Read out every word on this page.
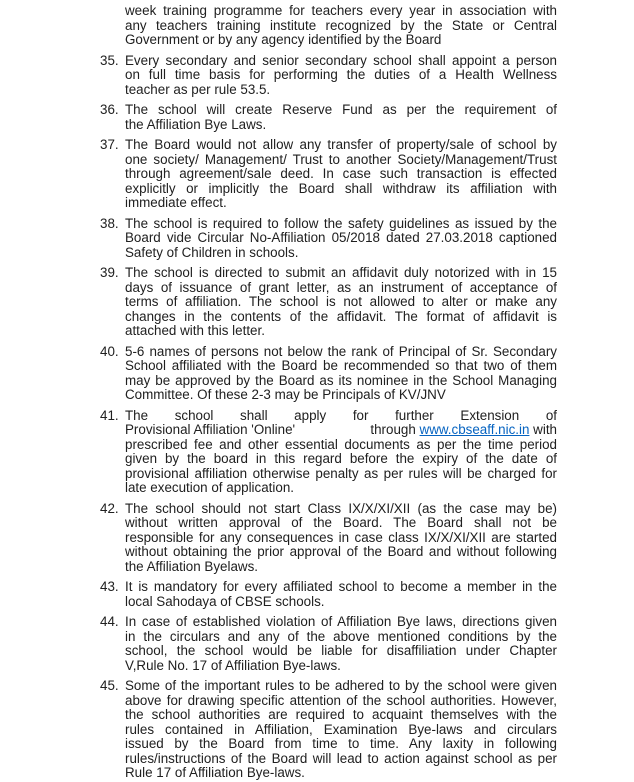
week training programme for teachers every year in association with
any teachers training institute recognized by the State or Central
Government or by any agency identified by the Board
35. Every secondary and senior secondary school shall appoint a person
on full time basis for performing the duties of a Health Wellness
teacher as per rule 53.5.
36. The school will create Reserve Fund as per the requirement of
the Affiliation Bye Laws.
37. The Board would not allow any transfer of property/sale of school by
one society/ Management/ Trust to another Society/Management/Trust
through agreement/sale deed. In case such transaction is effected
explicitly or implicitly the Board shall withdraw its affiliation with
immediate effect.
38. The school is required to follow the safety guidelines as issued by the
Board vide Circular No-Affiliation 05/2018 dated 27.03.2018 captioned
Safety of Children in schools.
39. The school is directed to submit an affidavit duly notorized with in 15
days of issuance of grant letter, as an instrument of acceptance of
terms of affiliation. The school is not allowed to alter or make any
changes in the contents of the affidavit. The format of affidavit is
attached with this letter.
40. 5-6 names of persons not below the rank of Principal of Sr. Secondary
School affiliated with the Board be recommended so that two of them
may be approved by the Board as its nominee in the School Managing
Committee. Of these 2-3 may be Principals of KV/JNV
41. The school shall apply for further Extension of
Provisional Affiliation 'Online'	through www.cbseaff.nic.in with
prescribed fee and other essential documents as per the time period
given by the board in this regard before the expiry of the date of
provisional affiliation otherwise penalty as per rules will be charged for
late execution of application.
42. The school should not start Class IX/X/XI/XII (as the case may be)
without written approval of the Board. The Board shall not be
responsible for any consequences in case class IX/X/XI/XII are started
without obtaining the prior approval of the Board and without following
the Affiliation Byelaws.
43. It is mandatory for every affiliated school to become a member in the
local Sahodaya of CBSE schools.
44. In case of established violation of Affiliation Bye laws, directions given
in the circulars and any of the above mentioned conditions by the
school, the school would be liable for disaffiliation under Chapter
V,Rule No. 17 of Affiliation Bye-laws.
45. Some of the important rules to be adhered to by the school were given
above for drawing specific attention of the school authorities. However,
the school authorities are required to acquaint themselves with the
rules contained in Affiliation, Examination Bye-laws and circulars
issued by the Board from time to time. Any laxity in following
rules/instructions of the Board will lead to action against school as per
Rule 17 of Affiliation Bye-laws.
